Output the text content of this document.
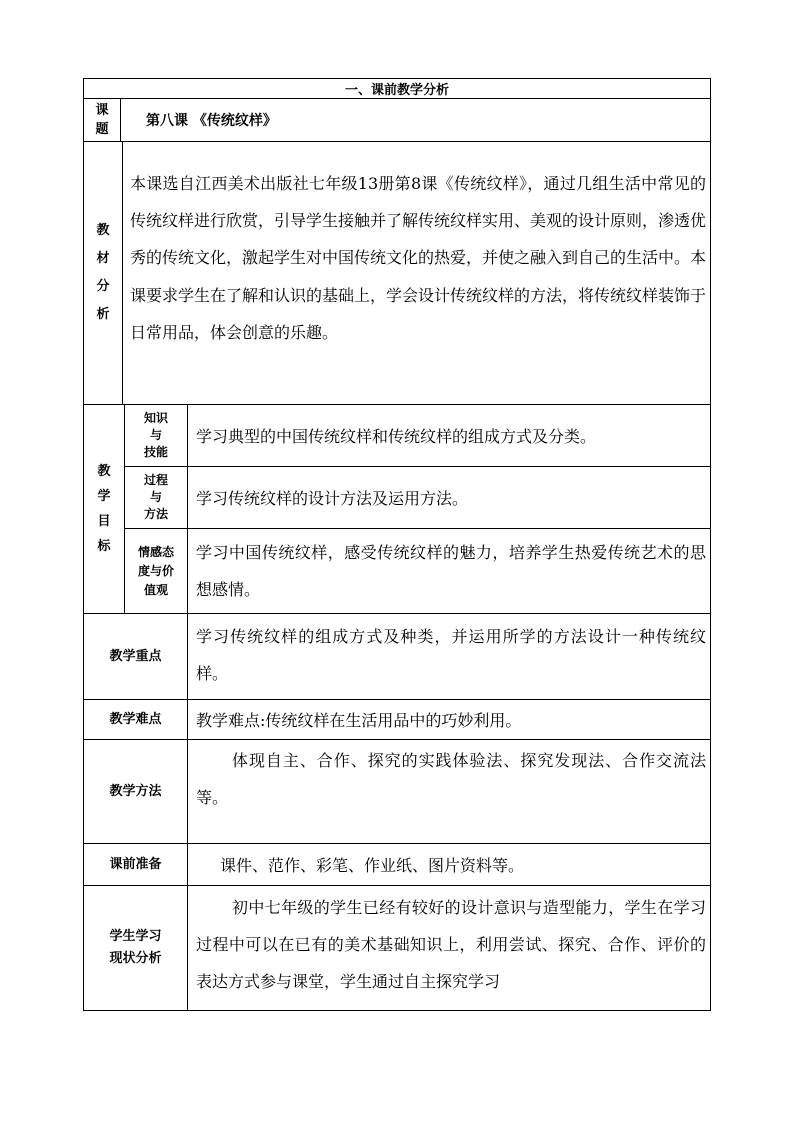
一、课前教学分析
课
题
第八课 《传统纹样》
教
材
分
析
本课选自江西美术出版社七年级13册第8课《传统纹样》，通过几组生活中常见的传统纹样进行欣赏，引导学生接触并了解传统纹样实用、美观的设计原则，渗透优秀的传统文化，激起学生对中国传统文化的热爱，并使之融入到自己的生活中。本课要求学生在了解和认识的基础上，学会设计传统纹样的方法，将传统纹样装饰于日常用品，体会创意的乐趣。
教
学
目
标
知识
与
技能
学习典型的中国传统纹样和传统纹样的组成方式及分类。
过程
与
方法
学习传统纹样的设计方法及运用方法。
情感态
度与价
值观
学习中国传统纹样，感受传统纹样的魅力，培养学生热爱传统艺术的思想感情。
教学重点
学习传统纹样的组成方式及种类，并运用所学的方法设计一种传统纹样。
教学难点	教学难点:传统纹样在生活用品中的巧妙利用。
教学方法
体现自主、合作、探究的实践体验法、探究发现法、合作交流法等。
课前准备	课件、范作、彩笔、作业纸、图片资料等。
学生学习
现状分析
初中七年级的学生已经有较好的设计意识与造型能力，学生在学习过程中可以在已有的美术基础知识上，利用尝试、探究、合作、评价的表达方式参与课堂，学生通过自主探究学习
